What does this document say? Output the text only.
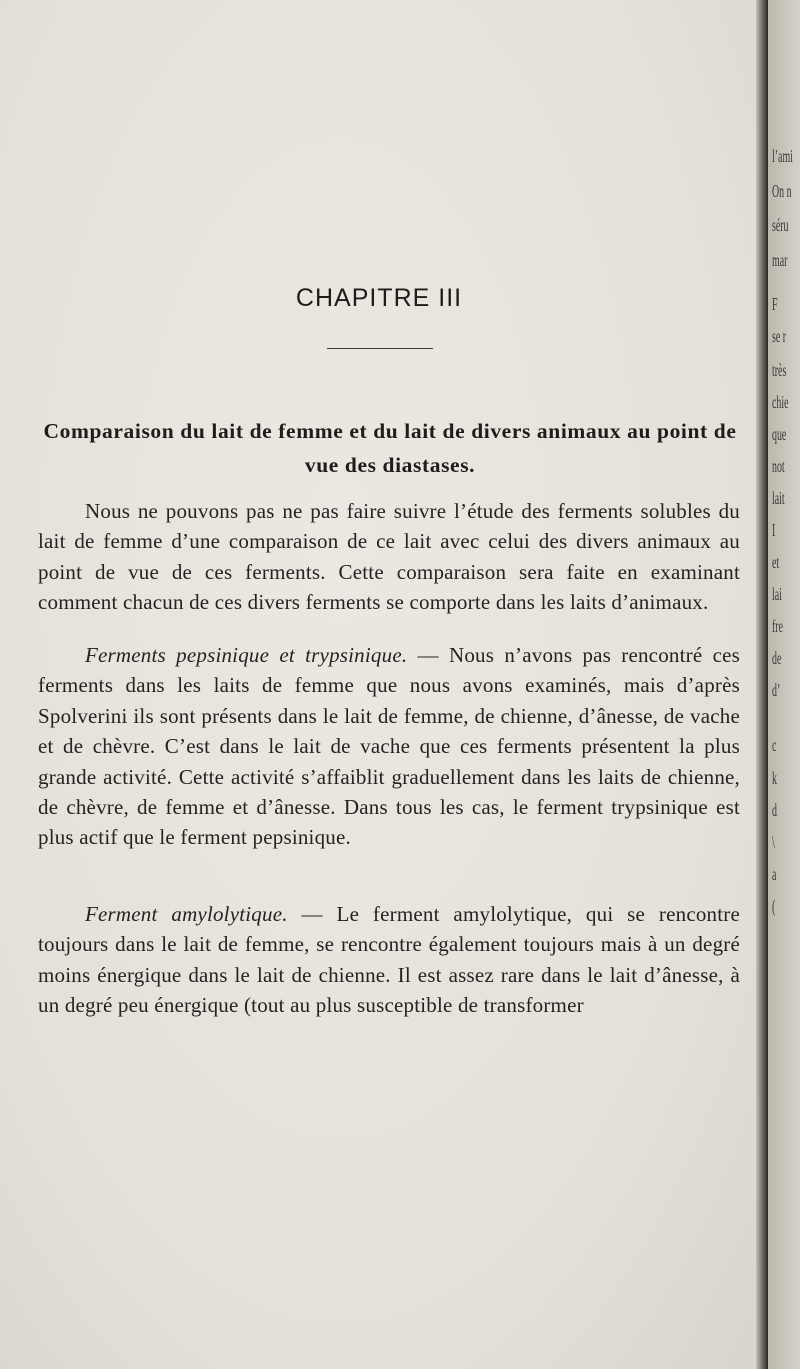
CHAPITRE III
Comparaison du lait de femme et du lait de divers animaux au point de vue des diastases.

Nous ne pouvons pas ne pas faire suivre l’étude des ferments solubles du lait de femme d’une comparaison de ce lait avec celui des divers animaux au point de vue de ces ferments. Cette comparaison sera faite en examinant comment chacun de ces divers ferments se comporte dans les laits d’animaux.

Ferments pepsinique et trypsinique. — Nous n’avons pas rencontré ces ferments dans les laits de femme que nous avons examinés, mais d’après Spolverini ils sont présents dans le lait de femme, de chienne, d’ânesse, de vache et de chèvre. C’est dans le lait de vache que ces ferments présentent la plus grande activité. Cette activité s’affaiblit graduellement dans les laits de chienne, de chèvre, de femme et d’ânesse. Dans tous les cas, le ferment trypsinique est plus actif que le ferment pepsinique.

Ferment amylolytique. — Le ferment amylolytique, qui se rencontre toujours dans le lait de femme, se rencontre également toujours mais à un degré moins énergique dans le lait de chienne. Il est assez rare dans le lait d’ânesse, à un degré peu énergique (tout au plus susceptible de transformer

l’ami
On n
séru
mar
F
se r
très
chie
que
not
lait
I
et
lai
fre
de
d’
c
k
d
\
a
(
